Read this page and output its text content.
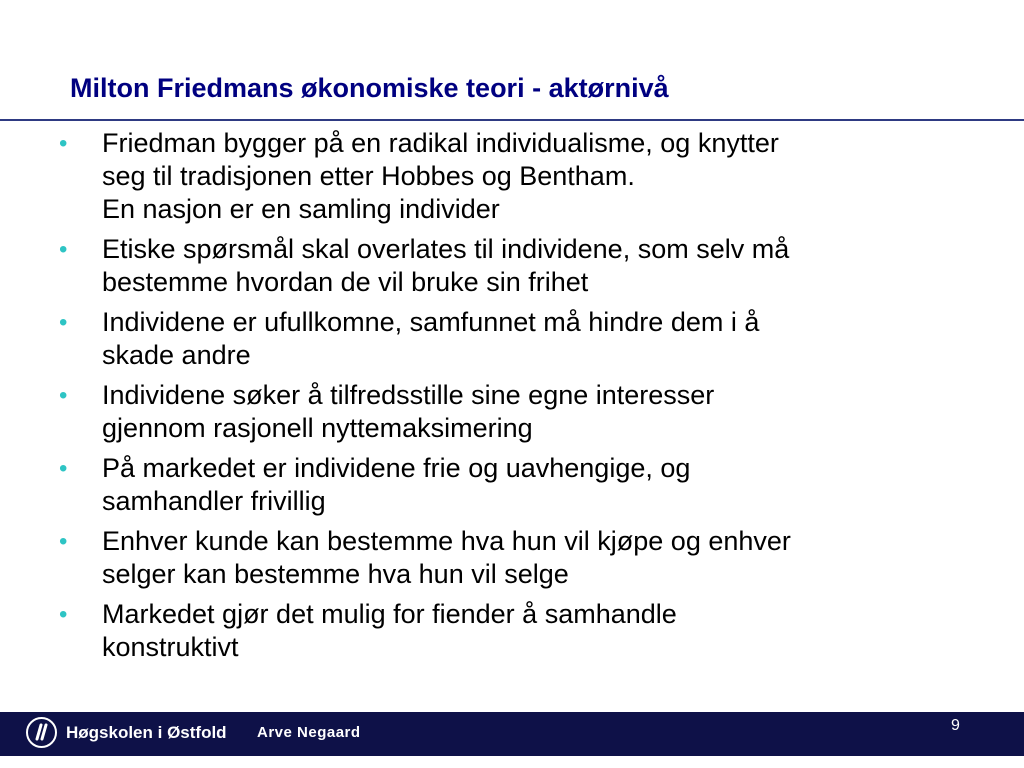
Milton Friedmans økonomiske teori - aktørnivå
• Friedman bygger på en radikal individualisme, og knytter
seg til tradisjonen etter Hobbes og Bentham.
En nasjon er en samling individer
• Etiske spørsmål skal overlates til individene, som selv må
bestemme hvordan de vil bruke sin frihet
• Individene er ufullkomne, samfunnet må hindre dem i å
skade andre
• Individene søker å tilfredsstille sine egne interesser
gjennom rasjonell nyttemaksimering
• På markedet er individene frie og uavhengige, og
samhandler frivillig
• Enhver kunde kan bestemme hva hun vil kjøpe og enhver
selger kan bestemme hva hun vil selge
• Markedet gjør det mulig for fiender å samhandle
konstruktivt
Høgskolen i Østfold Arve Negaard	9
